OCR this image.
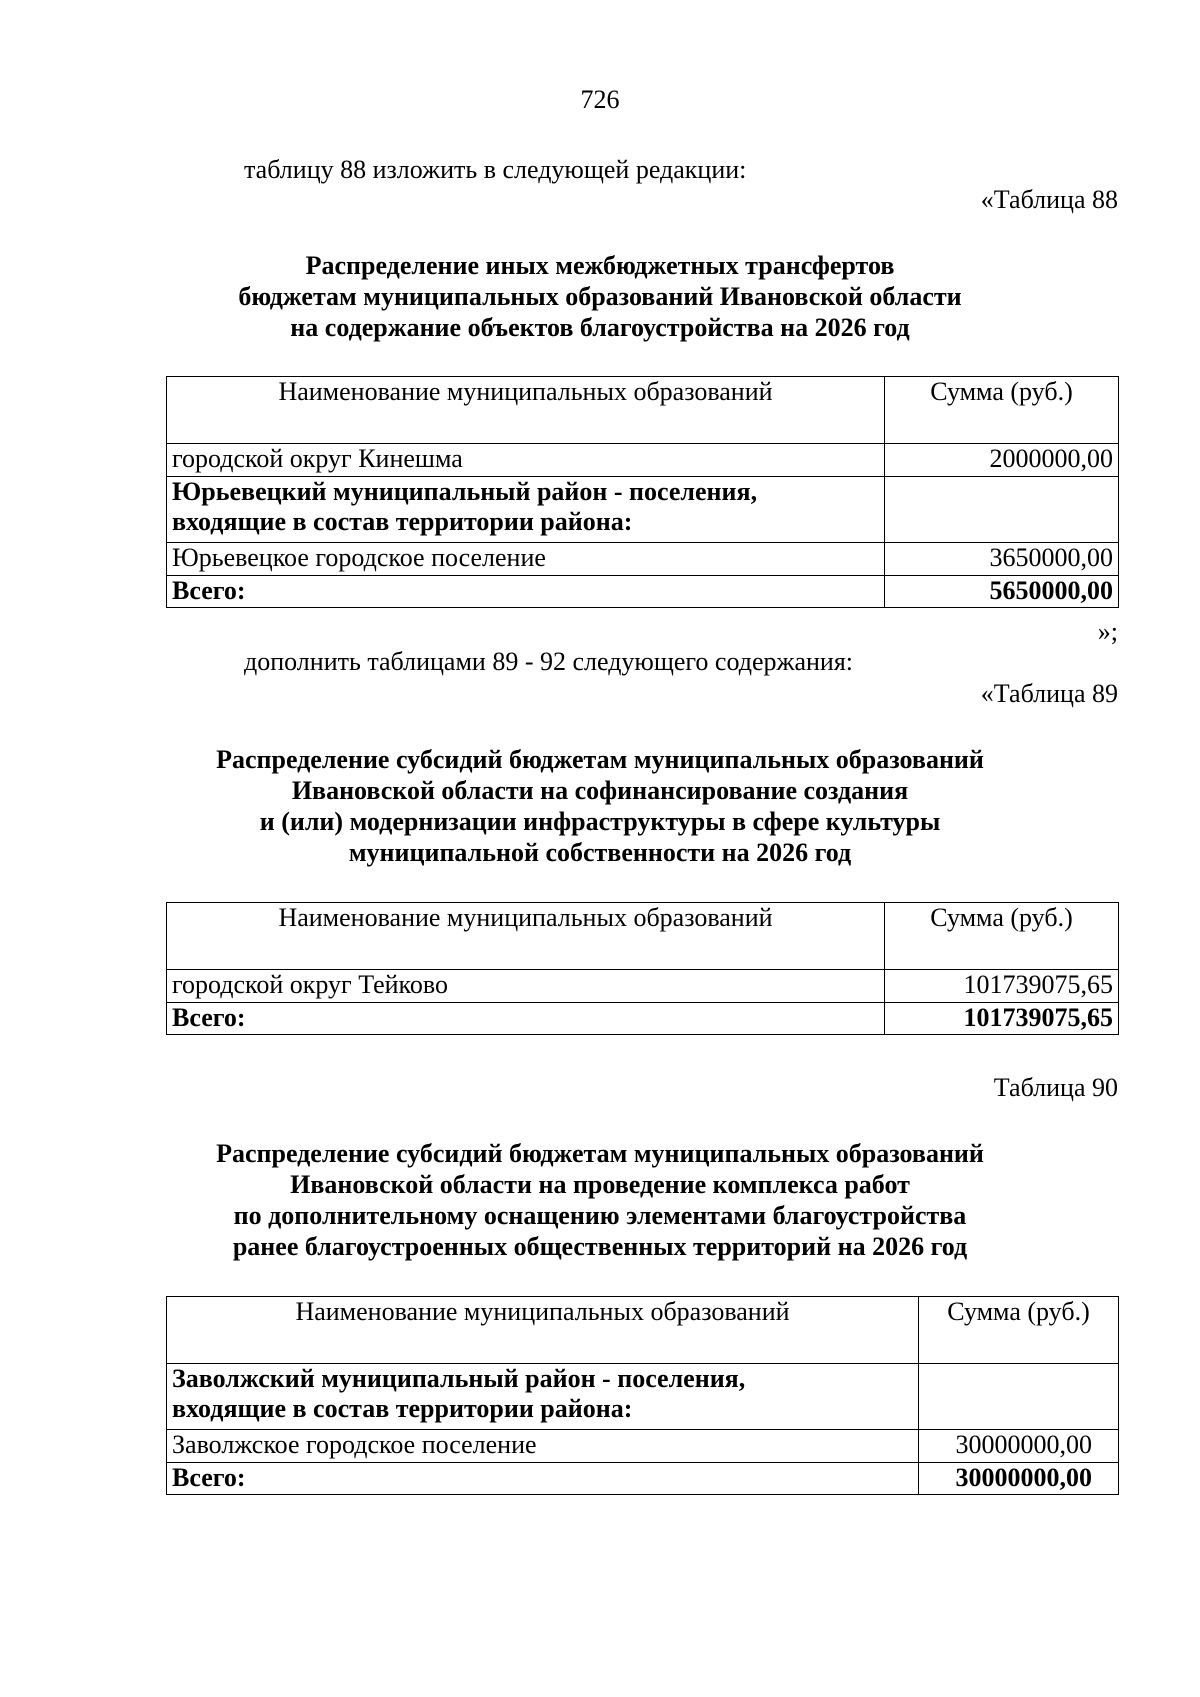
726
таблицу 88 изложить в следующей редакции:
«Таблица 88
Распределение иных межбюджетных трансфертов
бюджетам муниципальных образований Ивановской области
на содержание объектов благоустройства на 2026 год
Наименование муниципальных образований	Сумма (руб.)
городской округ Кинешма	2000000,00

Юрьевецкий муниципальный район - поселения,
входящие в состав территории района:	

Юрьевецкое городское поселение	3650000,00
Всего:	5650000,00
»;
дополнить таблицами 89 - 92 следующего содержания:
«Таблица 89
Распределение субсидий бюджетам муниципальных образований
Ивановской области на софинансирование создания
и (или) модернизации инфраструктуры в сфере культуры
муниципальной собственности на 2026 год
Наименование муниципальных образований	Сумма (руб.)
городской округ Тейково	101739075,65
Всего:	101739075,65
Таблица 90
Распределение субсидий бюджетам муниципальных образований
Ивановской области на проведение комплекса работ
по дополнительному оснащению элементами благоустройства
ранее благоустроенных общественных территорий на 2026 год
Наименование муниципальных образований	Сумма (руб.)

Заволжский муниципальный район - поселения,
входящие в состав территории района:	

Заволжское городское поселение	30000000,00
Всего:	30000000,00
